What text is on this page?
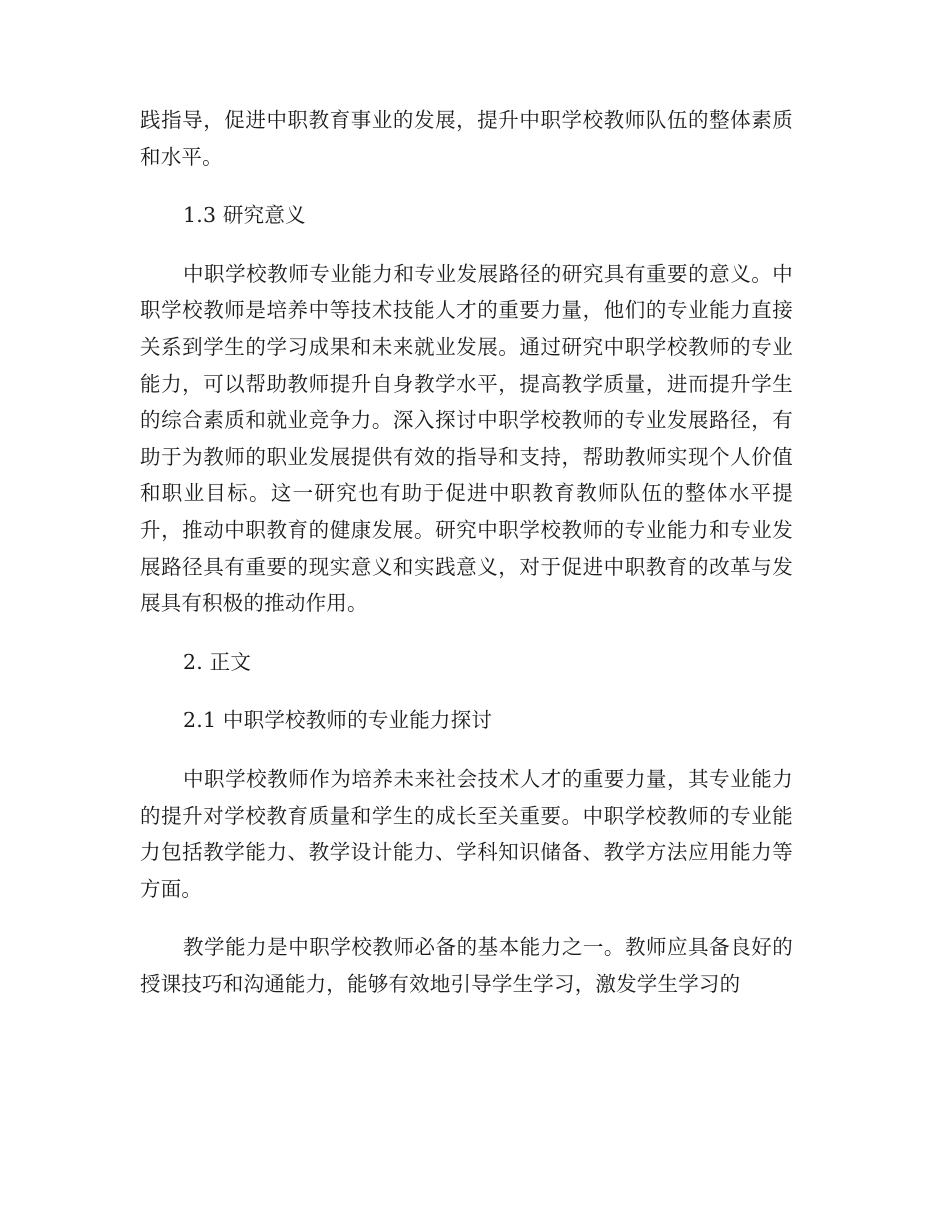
践指导，促进中职教育事业的发展，提升中职学校教师队伍的整体素质和水平。

1.3 研究意义

中职学校教师专业能力和专业发展路径的研究具有重要的意义。中职学校教师是培养中等技术技能人才的重要力量，他们的专业能力直接关系到学生的学习成果和未来就业发展。通过研究中职学校教师的专业能力，可以帮助教师提升自身教学水平，提高教学质量，进而提升学生的综合素质和就业竞争力。深入探讨中职学校教师的专业发展路径，有助于为教师的职业发展提供有效的指导和支持，帮助教师实现个人价值和职业目标。这一研究也有助于促进中职教育教师队伍的整体水平提升，推动中职教育的健康发展。研究中职学校教师的专业能力和专业发展路径具有重要的现实意义和实践意义，对于促进中职教育的改革与发展具有积极的推动作用。

2. 正文

2.1 中职学校教师的专业能力探讨

中职学校教师作为培养未来社会技术人才的重要力量，其专业能力的提升对学校教育质量和学生的成长至关重要。中职学校教师的专业能力包括教学能力、教学设计能力、学科知识储备、教学方法应用能力等方面。

教学能力是中职学校教师必备的基本能力之一。教师应具备良好的授课技巧和沟通能力，能够有效地引导学生学习，激发学生学习的
